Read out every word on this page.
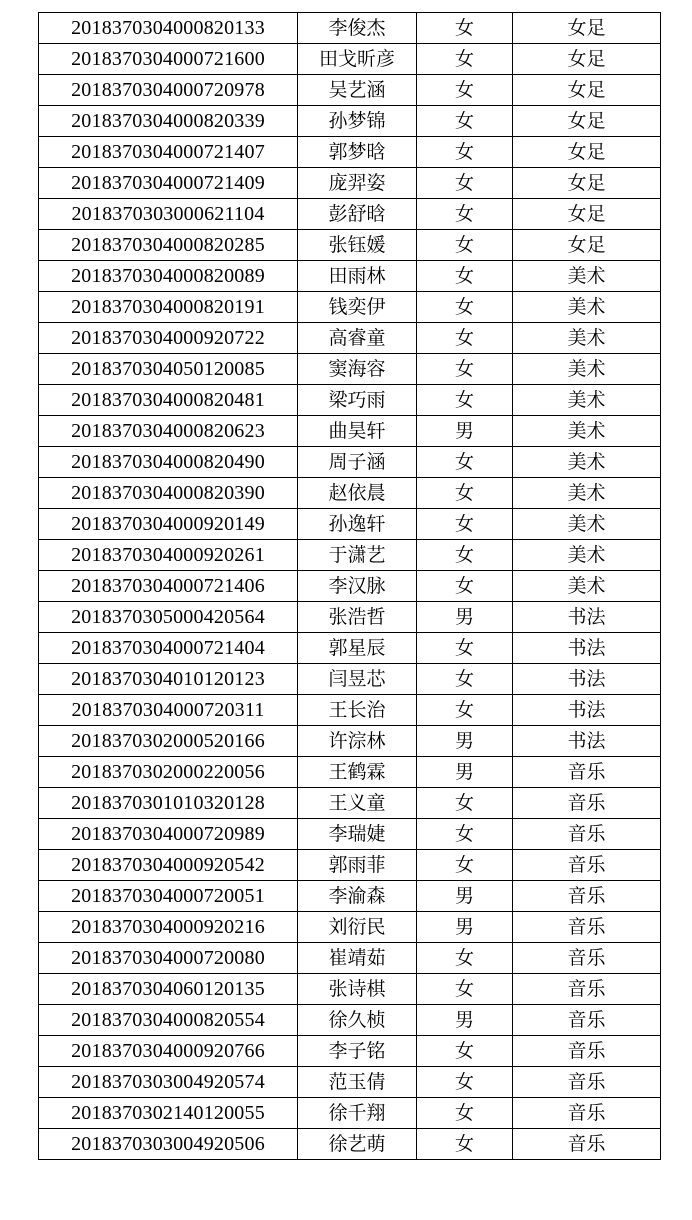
2018370304000820133	李俊杰	女	女足
2018370304000721600	田戈昕彦	女	女足
2018370304000720978	吴艺涵	女	女足
2018370304000820339	孙梦锦	女	女足
2018370304000721407	郭梦晗	女	女足
2018370304000721409	庞羿姿	女	女足
2018370303000621104	彭舒晗	女	女足
2018370304000820285	张钰媛	女	女足
2018370304000820089	田雨林	女	美术
2018370304000820191	钱奕伊	女	美术
2018370304000920722	高睿童	女	美术
2018370304050120085	窦海容	女	美术
2018370304000820481	梁巧雨	女	美术
2018370304000820623	曲昊轩	男	美术
2018370304000820490	周子涵	女	美术
2018370304000820390	赵依晨	女	美术
2018370304000920149	孙逸轩	女	美术
2018370304000920261	于潇艺	女	美术
2018370304000721406	李汉脉	女	美术
2018370305000420564	张浩哲	男	书法
2018370304000721404	郭星辰	女	书法
2018370304010120123	闫昱芯	女	书法
2018370304000720311	王长治	女	书法
2018370302000520166	许淙林	男	书法
2018370302000220056	王鹤霖	男	音乐
2018370301010320128	王义童	女	音乐
2018370304000720989	李瑞婕	女	音乐
2018370304000920542	郭雨菲	女	音乐
2018370304000720051	李渝森	男	音乐
2018370304000920216	刘衍民	男	音乐
2018370304000720080	崔靖茹	女	音乐
2018370304060120135	张诗棋	女	音乐
2018370304000820554	徐久桢	男	音乐
2018370304000920766	李子铭	女	音乐
2018370303004920574	范玉倩	女	音乐
2018370302140120055	徐千翔	女	音乐
2018370303004920506	徐艺萌	女	音乐
